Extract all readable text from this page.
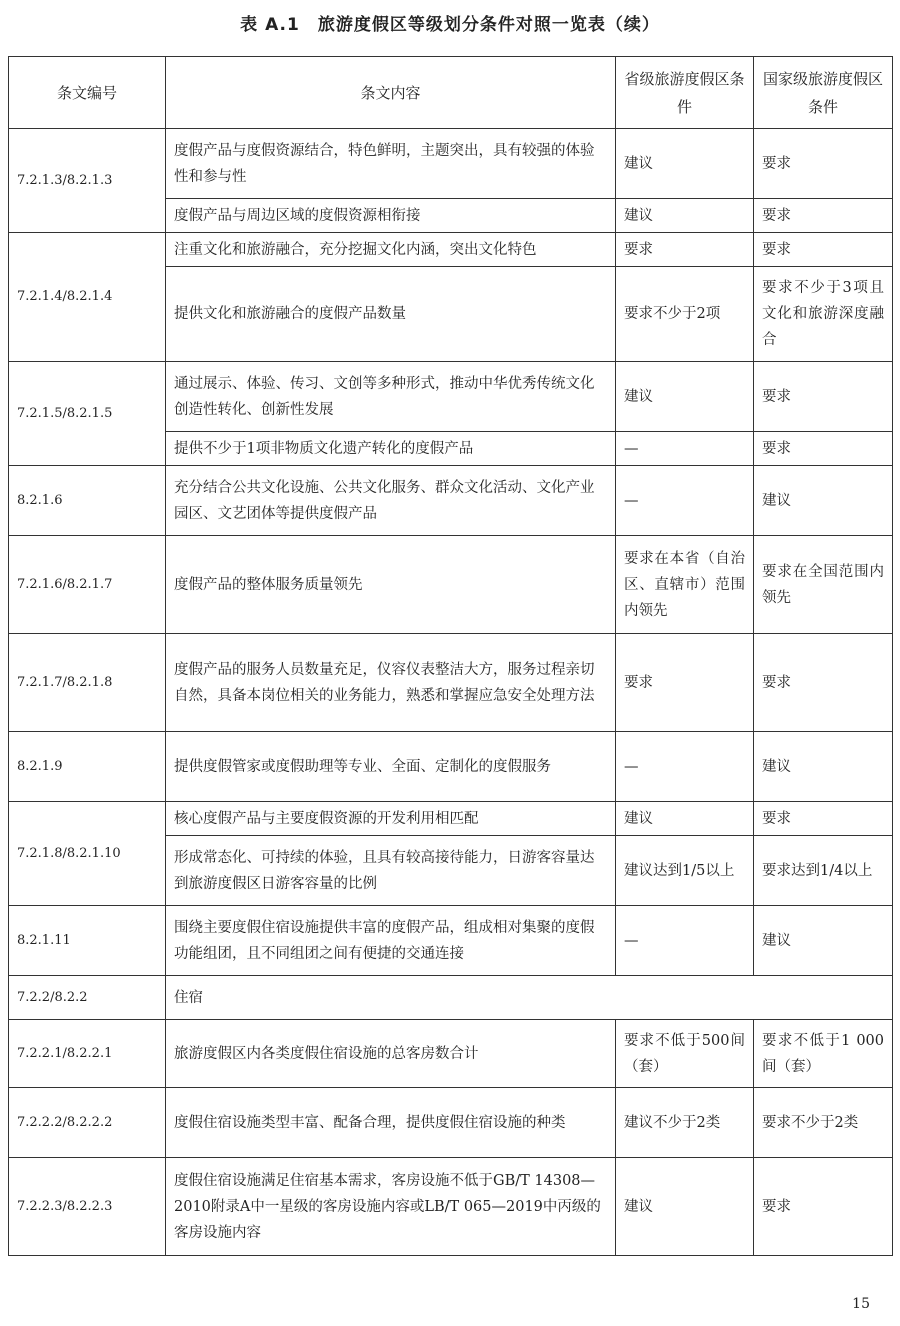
表 A.1　旅游度假区等级划分条件对照一览表（续）
条文编号	条文内容	省级旅游度假区条件	国家级旅游度假区条件
7.2.1.3/8.2.1.3	度假产品与度假资源结合，特色鲜明，主题突出，具有较强的体验性和参与性	建议	要求
	度假产品与周边区域的度假资源相衔接	建议	要求
7.2.1.4/8.2.1.4	注重文化和旅游融合，充分挖掘文化内涵，突出文化特色	要求	要求
	提供文化和旅游融合的度假产品数量	要求不少于2项	要求不少于3项且文化和旅游深度融合
7.2.1.5/8.2.1.5	通过展示、体验、传习、文创等多种形式，推动中华优秀传统文化创造性转化、创新性发展	建议	要求
	提供不少于1项非物质文化遗产转化的度假产品	—	要求
8.2.1.6	充分结合公共文化设施、公共文化服务、群众文化活动、文化产业园区、文艺团体等提供度假产品	—	建议
7.2.1.6/8.2.1.7	度假产品的整体服务质量领先	要求在本省（自治区、直辖市）范围内领先	要求在全国范围内领先
7.2.1.7/8.2.1.8	度假产品的服务人员数量充足，仪容仪表整洁大方，服务过程亲切自然，具备本岗位相关的业务能力，熟悉和掌握应急安全处理方法	要求	要求
8.2.1.9	提供度假管家或度假助理等专业、全面、定制化的度假服务	—	建议
7.2.1.8/8.2.1.10	核心度假产品与主要度假资源的开发利用相匹配	建议	要求
	形成常态化、可持续的体验，且具有较高接待能力，日游客容量达到旅游度假区日游客容量的比例	建议达到1/5以上	要求达到1/4以上
8.2.1.11	围绕主要度假住宿设施提供丰富的度假产品，组成相对集聚的度假功能组团，且不同组团之间有便捷的交通连接	—	建议
7.2.2/8.2.2	住宿		
7.2.2.1/8.2.2.1	旅游度假区内各类度假住宿设施的总客房数合计	要求不低于500间（套）	要求不低于1 000间（套）
7.2.2.2/8.2.2.2	度假住宿设施类型丰富、配备合理，提供度假住宿设施的种类	建议不少于2类	要求不少于2类
7.2.2.3/8.2.2.3	度假住宿设施满足住宿基本需求，客房设施不低于GB/T 14308—2010附录A中一星级的客房设施内容或LB/T 065—2019中丙级的客房设施内容	建议	要求
15
